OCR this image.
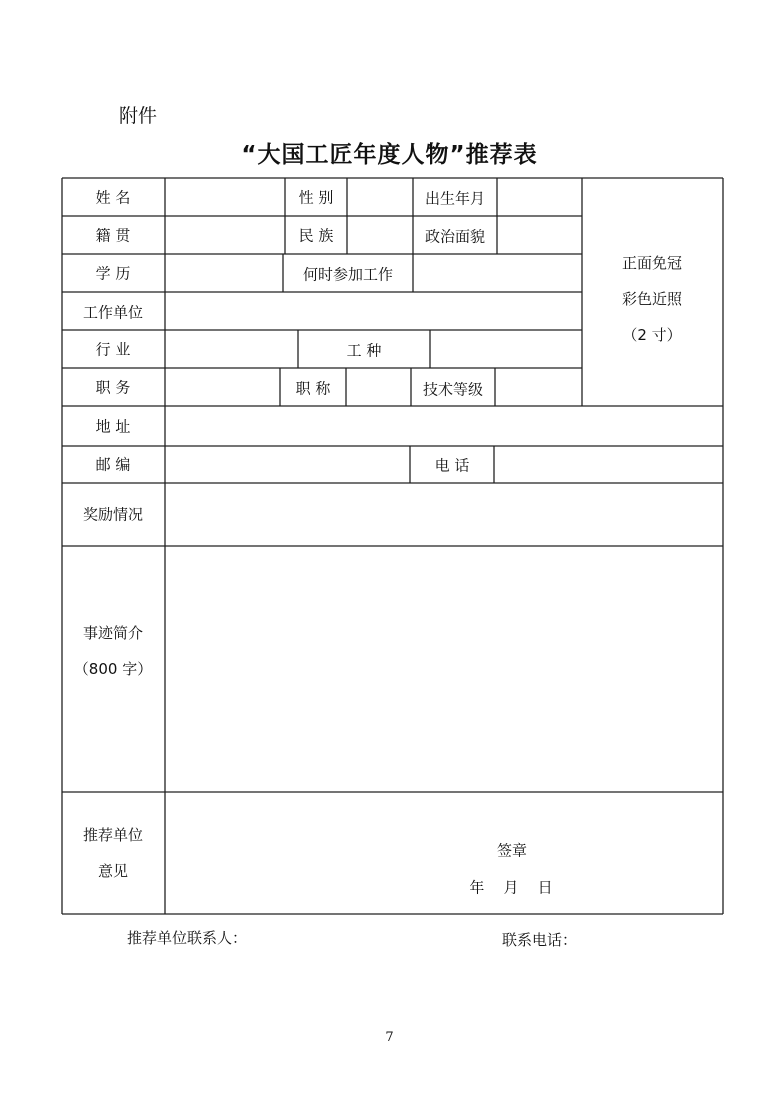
附件
“大国工匠年度人物”推荐表
姓 名	性 别	出生年月
籍 贯	民 族	政治面貌
学 历	何时参加工作
工作单位
行 业	工 种
职 务	职 称	技术等级
地 址
邮 编	电 话
奖励情况
事迹简介
（800 字）
正面免冠
彩色近照
（2 寸）
推荐单位
意见
签章
年    月    日
推荐单位联系人：	联系电话：
7
